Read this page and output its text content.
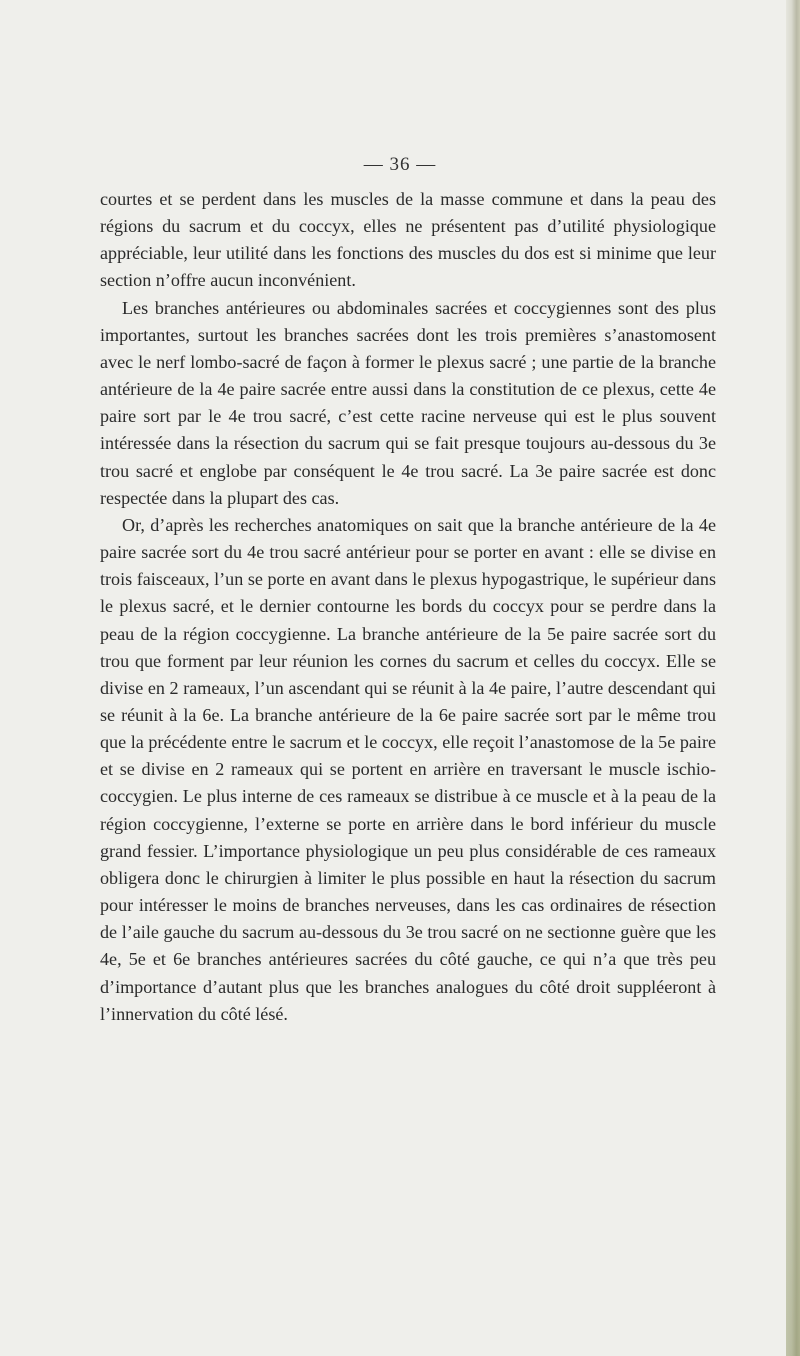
— 36 —

courtes et se perdent dans les muscles de la masse commune et dans la peau des régions du sacrum et du coccyx, elles ne présentent pas d’utilité physiologique appréciable, leur utilité dans les fonctions des muscles du dos est si minime que leur section n’offre aucun inconvénient.

Les branches antérieures ou abdominales sacrées et coccygiennes sont des plus importantes, surtout les branches sacrées dont les trois premières s’anastomosent avec le nerf lombo-sacré de façon à former le plexus sacré ; une partie de la branche antérieure de la 4e paire sacrée entre aussi dans la constitution de ce plexus, cette 4e paire sort par le 4e trou sacré, c’est cette racine nerveuse qui est le plus souvent intéressée dans la résection du sacrum qui se fait presque toujours au-dessous du 3e trou sacré et englobe par conséquent le 4e trou sacré. La 3e paire sacrée est donc respectée dans la plupart des cas.

Or, d’après les recherches anatomiques on sait que la branche antérieure de la 4e paire sacrée sort du 4e trou sacré antérieur pour se porter en avant : elle se divise en trois faisceaux, l’un se porte en avant dans le plexus hypogastrique, le supérieur dans le plexus sacré, et le dernier contourne les bords du coccyx pour se perdre dans la peau de la région coccygienne. La branche antérieure de la 5e paire sacrée sort du trou que forment par leur réunion les cornes du sacrum et celles du coccyx. Elle se divise en 2 rameaux, l’un ascendant qui se réunit à la 4e paire, l’autre descendant qui se réunit à la 6e. La branche antérieure de la 6e paire sacrée sort par le même trou que la précédente entre le sacrum et le coccyx, elle reçoit l’anastomose de la 5e paire et se divise en 2 rameaux qui se portent en arrière en traversant le muscle ischio-coccygien. Le plus interne de ces rameaux se distribue à ce muscle et à la peau de la région coccygienne, l’externe se porte en arrière dans le bord inférieur du muscle grand fessier. L’importance physiologique un peu plus considérable de ces rameaux obligera donc le chirurgien à limiter le plus possible en haut la résection du sacrum pour intéresser le moins de branches nerveuses, dans les cas ordinaires de résection de l’aile gauche du sacrum au-dessous du 3e trou sacré on ne sectionne guère que les 4e, 5e et 6e branches antérieures sacrées du côté gauche, ce qui n’a que très peu d’importance d’autant plus que les branches analogues du côté droit suppléeront à l’innervation du côté lésé.
